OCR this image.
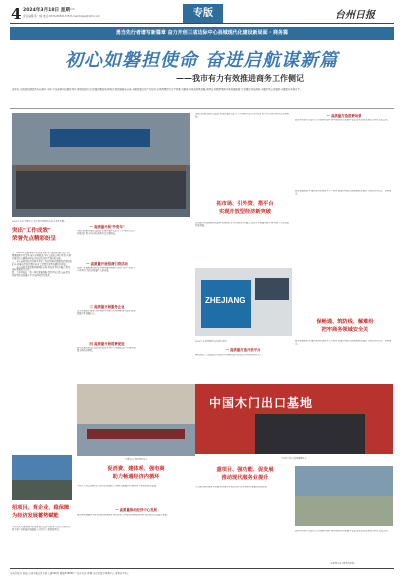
4 2024年3月18日 星期一
责任编辑:陈一楠 电话:0576-88521175 E-mail:tzsjw@163.com	专版	台州日报
勇当先行者谱写新篇章 奋力开创三省边际中心县城现代化建设新局面 · 商务篇
初心如磐担使命 奋进启航谋新篇
——我市有力有效推进商务工作侧记
近年来,市政府提速提效当前事业,全年,立足商务实际跑好项目,建设招商引资,加强消费拉动,推进外贸发展稳步前进,全面发展文化产业提升,市县两级财力水平显著,为推进全县高质量发展,新理念,积极贯彻落实新发展格局,注重强化科技创新,全面打造公共服务,全面提升开放水平。
2023年义乌"万商中心"重大项目招商推介会(在北京开幕)
突出"工作成效"
荣誉先点精彩纷呈
一、2023年,市商务局立足自身实际,全力推进招商引资工作,精准服务企业需求,落实各项政策,全年完成重点项目签约,实现外贸进出口额稳步增长,经济运行保持平稳向好态势。
二、全市商务系统坚持稳中求进工作总基调,积极推进消费提质扩容,开展各类促消费活动,社会消费品零售总额持续增长。
三、全市外贸企业积极开拓国际市场,参加各类境外展会,跨境电商发展势头良好。
四、主动对接长三角一体化发展战略,深化区域合作交流,提升开放型经济发展水平,营商环境持续优化。
招项目、育企业、稳保障
为经济发展蓄势赋能
今年以来,市商务局坚持把招商引资作为经济工作的生命线,围绕主导产业延链补链强链,大力招引一批优质项目。
一 高质量开展"外资年"
全面贯彻落实稳外资政策,积极开展外资招引工作,推动外资企业增资扩股,全年实际利用外资实现增长。
一 高质量开展招商引资活动
围绕产业链精准招商,赴各地开展招商推介活动,签约一批重大产业项目,为经济发展注入新动能。
三 高质量开展服务企业
深入开展助企服务行动,帮助企业解决实际困难,落实惠企政策,提振企业发展信心。
四 高质量开展消费促进
组织开展系列促消费活动,激发市场活力,提振消费信心,推动消费市场持续回暖。
"万商中心"项目签约仪式
促消费、建体系、强电商
助力畅通经济内循环
坚持扩大内需战略,着力提升消费能级,完善现代流通体系,推动电子商务高质量发展。
一 高质量推动经济中心发展
聚焦商贸流通体系建设,推进县域商业体系建设,完善农村物流配送网络,促进城乡消费融合发展。
一 高质量打造消费场景
加快培育新型消费,打造特色商业街区,推动夜间经济发展,丰富消费业态,满足群众多样化消费需求。
全面贯彻落实稳外资政策,积极开展外资招引工作,推动外资企业增资扩股,全年实际利用外资实现增长。
拓市场、引外资、搭平台
实现开放型经济新突破
持续推进外贸稳规模优结构,积极组织企业参加境内外展会,帮助企业拓展国际市场,开放平台建设取得新进展。
ZHEJIANG
2023年义乌招商推介会(浙江)展位
一 高质量打造开放平台
推动开放平台能级提升,加快跨境电商综试区建设,提升贸易便利化水平。
统筹发展和安全,强化商务领域安全生产监管,加强市场运行监测,确保重要民生商品供应充足、价格稳定。
保畅通、筑防线、解难纷
把牢商务领域安全关
统筹发展和安全,强化商务领域安全生产监管,加强市场运行监测,确保重要民生商品供应充足、价格稳定。
中国木门出口基地
中国木门出口基地授牌仪式
重项目、强功能、促发展
推动现代服务业提升
大力推进现代服务业发展,培育服务业重点项目,提升服务业发展质量和效益。
加快培育新型消费,打造特色商业街区,推动夜间经济发展,丰富消费业态,满足群众多样化消费需求。
(本版图片由市商务局提供)
台州日报社 地址:台州市椒江区市府大道500号 邮编318000 广告许可证 印刷:台州日报社印务中心 零售价1.5元
